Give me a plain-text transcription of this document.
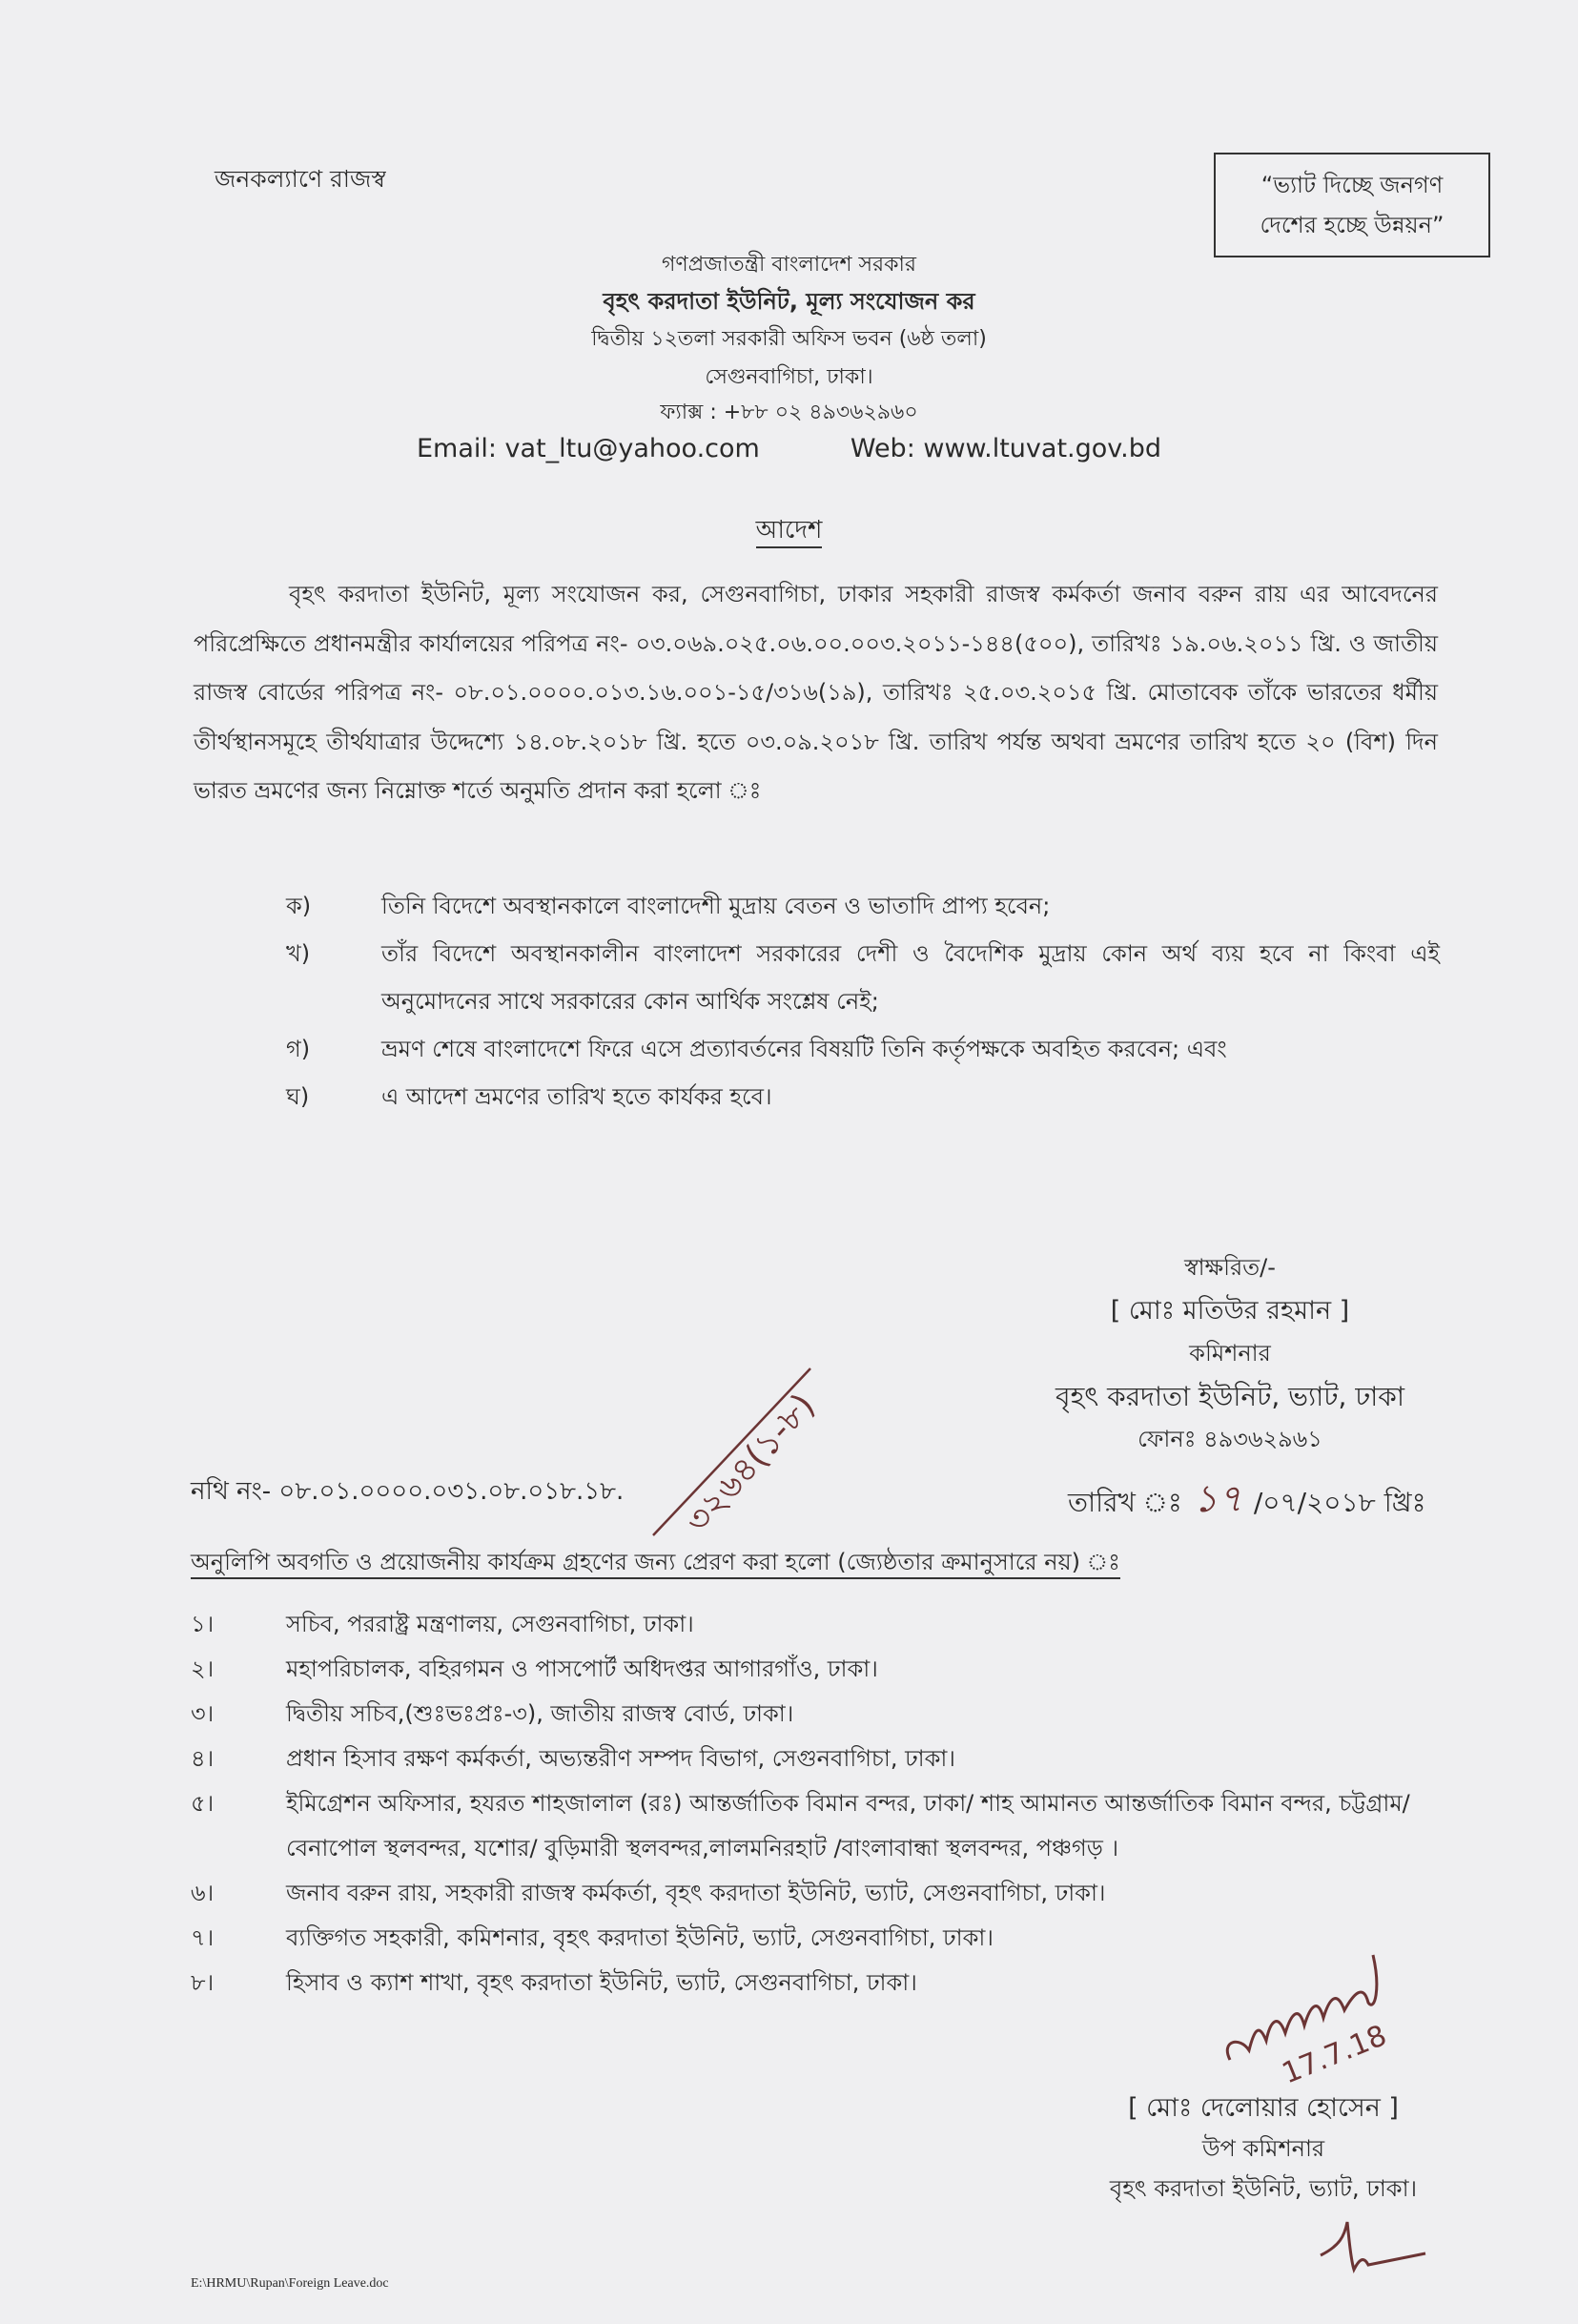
জনকল্যাণে রাজস্ব	“ভ্যাট দিচ্ছে জনগণ
দেশের হচ্ছে উন্নয়ন”
গণপ্রজাতন্ত্রী বাংলাদেশ সরকার
বৃহৎ করদাতা ইউনিট, মূল্য সংযোজন কর
দ্বিতীয় ১২তলা সরকারী অফিস ভবন (৬ষ্ঠ তলা)
সেগুনবাগিচা, ঢাকা।
ফ্যাক্স : +৮৮ ০২ ৪৯৩৬২৯৬০
Email: vat_ltu@yahoo.com	Web: www.ltuvat.gov.bd
আদেশ
বৃহৎ করদাতা ইউনিট, মূল্য সংযোজন কর, সেগুনবাগিচা, ঢাকার সহকারী রাজস্ব কর্মকর্তা জনাব বরুন রায় এর আবেদনের পরিপ্রেক্ষিতে প্রধানমন্ত্রীর কার্যালয়ের পরিপত্র নং- ০৩.০৬৯.০২৫.০৬.০০.০০৩.২০১১-১৪৪(৫০০), তারিখঃ ১৯.০৬.২০১১ খ্রি. ও জাতীয় রাজস্ব বোর্ডের পরিপত্র নং- ০৮.০১.০০০০.০১৩.১৬.০০১-১৫/৩১৬(১৯), তারিখঃ ২৫.০৩.২০১৫ খ্রি. মোতাবেক তাঁকে ভারতের ধর্মীয় তীর্থস্থানসমূহে তীর্থযাত্রার উদ্দেশ্যে ১৪.০৮.২০১৮ খ্রি. হতে ০৩.০৯.২০১৮ খ্রি. তারিখ পর্যন্ত অথবা ভ্রমণের তারিখ হতে ২০ (বিশ) দিন ভারত ভ্রমণের জন্য নিম্নোক্ত শর্তে অনুমতি প্রদান করা হলো ঃ
ক)	তিনি বিদেশে অবস্থানকালে বাংলাদেশী মুদ্রায় বেতন ও ভাতাদি প্রাপ্য হবেন;
খ)	তাঁর বিদেশে অবস্থানকালীন বাংলাদেশ সরকারের দেশী ও বৈদেশিক মুদ্রায় কোন অর্থ ব্যয় হবে না কিংবা এই অনুমোদনের সাথে সরকারের কোন আর্থিক সংশ্লেষ নেই;
গ)	ভ্রমণ শেষে বাংলাদেশে ফিরে এসে প্রত্যাবর্তনের বিষয়টি তিনি কর্তৃপক্ষকে অবহিত করবেন; এবং
ঘ)	এ আদেশ ভ্রমণের তারিখ হতে কার্যকর হবে।
স্বাক্ষরিত/-
[ মোঃ মতিউর রহমান ]
কমিশনার
বৃহৎ করদাতা ইউনিট, ভ্যাট, ঢাকা
ফোনঃ ৪৯৩৬২৯৬১
নথি নং- ০৮.০১.০০০০.০৩১.০৮.০১৮.১৮. ৩২৬৪(১-৮)	তারিখ ঃ ১৭ /০৭/২০১৮ খ্রিঃ
অনুলিপি অবগতি ও প্রয়োজনীয় কার্যক্রম গ্রহণের জন্য প্রেরণ করা হলো (জ্যেষ্ঠতার ক্রমানুসারে নয়) ঃ
১।	সচিব, পররাষ্ট্র মন্ত্রণালয়, সেগুনবাগিচা, ঢাকা।
২।	মহাপরিচালক, বহিরগমন ও পাসপোর্ট অধিদপ্তর আগারগাঁও, ঢাকা।
৩।	দ্বিতীয় সচিব,(শুঃভঃপ্রঃ-৩), জাতীয় রাজস্ব বোর্ড, ঢাকা।
৪।	প্রধান হিসাব রক্ষণ কর্মকর্তা, অভ্যন্তরীণ সম্পদ বিভাগ, সেগুনবাগিচা, ঢাকা।
৫।	ইমিগ্রেশন অফিসার, হযরত শাহজালাল (রঃ) আন্তর্জাতিক বিমান বন্দর, ঢাকা/ শাহ আমানত আন্তর্জাতিক বিমান বন্দর, চট্টগ্রাম/ বেনাপোল স্থলবন্দর, যশোর/ বুড়িমারী স্থলবন্দর,লালমনিরহাট /বাংলাবান্ধা স্থলবন্দর, পঞ্চগড় ।
৬।	জনাব বরুন রায়, সহকারী রাজস্ব কর্মকর্তা, বৃহৎ করদাতা ইউনিট, ভ্যাট, সেগুনবাগিচা, ঢাকা।
৭।	ব্যক্তিগত সহকারী, কমিশনার, বৃহৎ করদাতা ইউনিট, ভ্যাট, সেগুনবাগিচা, ঢাকা।
৮।	হিসাব ও ক্যাশ শাখা, বৃহৎ করদাতা ইউনিট, ভ্যাট, সেগুনবাগিচা, ঢাকা।
17.7.18
[ মোঃ দেলোয়ার হোসেন ]
উপ কমিশনার
বৃহৎ করদাতা ইউনিট, ভ্যাট, ঢাকা।
E:\HRMU\Rupan\Foreign Leave.doc
